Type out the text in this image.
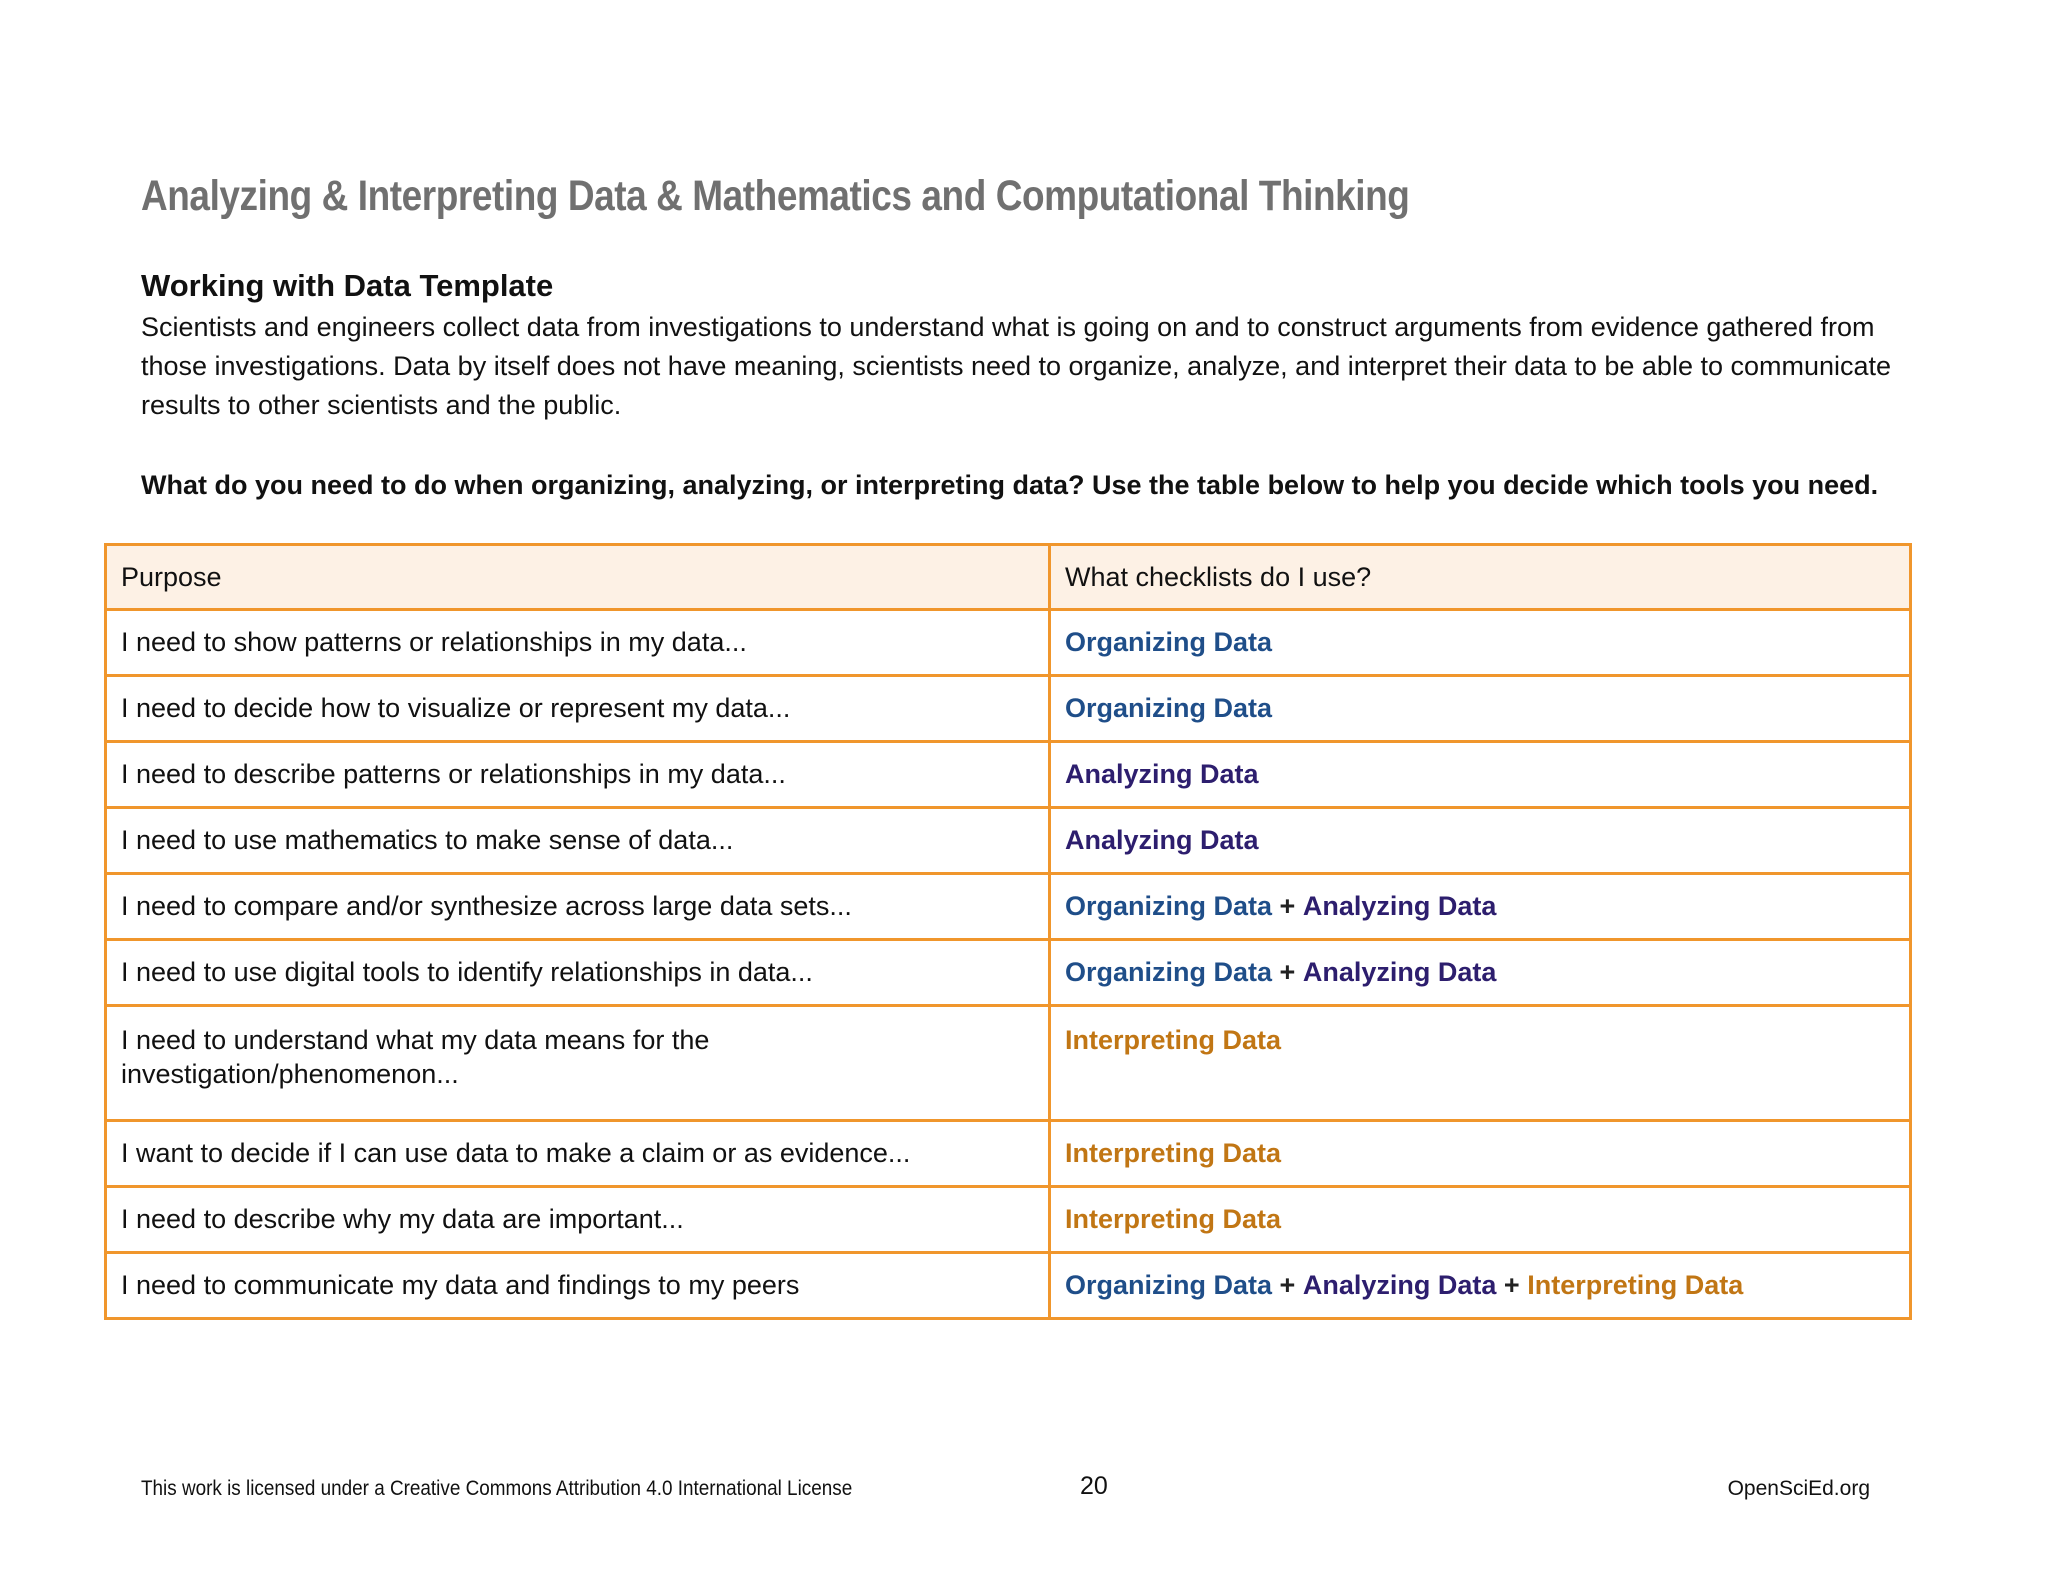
Analyzing & Interpreting Data & Mathematics and Computational Thinking
Working with Data Template

Scientists and engineers collect data from investigations to understand what is going on and to construct arguments from evidence gathered from those investigations. Data by itself does not have meaning, scientists need to organize, analyze, and interpret their data to be able to communicate results to other scientists and the public.

What do you need to do when organizing, analyzing, or interpreting data? Use the table below to help you decide which tools you need.

Purpose	What checklists do I use?
I need to show patterns or relationships in my data...	Organizing Data
I need to decide how to visualize or represent my data...	Organizing Data
I need to describe patterns or relationships in my data...	Analyzing Data
I need to use mathematics to make sense of data...	Analyzing Data
I need to compare and/or synthesize across large data sets...	Organizing Data + Analyzing Data
I need to use digital tools to identify relationships in data...	Organizing Data + Analyzing Data
I need to understand what my data means for the investigation/phenomenon...	Interpreting Data
I want to decide if I can use data to make a claim or as evidence...	Interpreting Data
I need to describe why my data are important...	Interpreting Data
I need to communicate my data and findings to my peers	Organizing Data + Analyzing Data + Interpreting Data
This work is licensed under a Creative Commons Attribution 4.0 International License	20	OpenSciEd.org
